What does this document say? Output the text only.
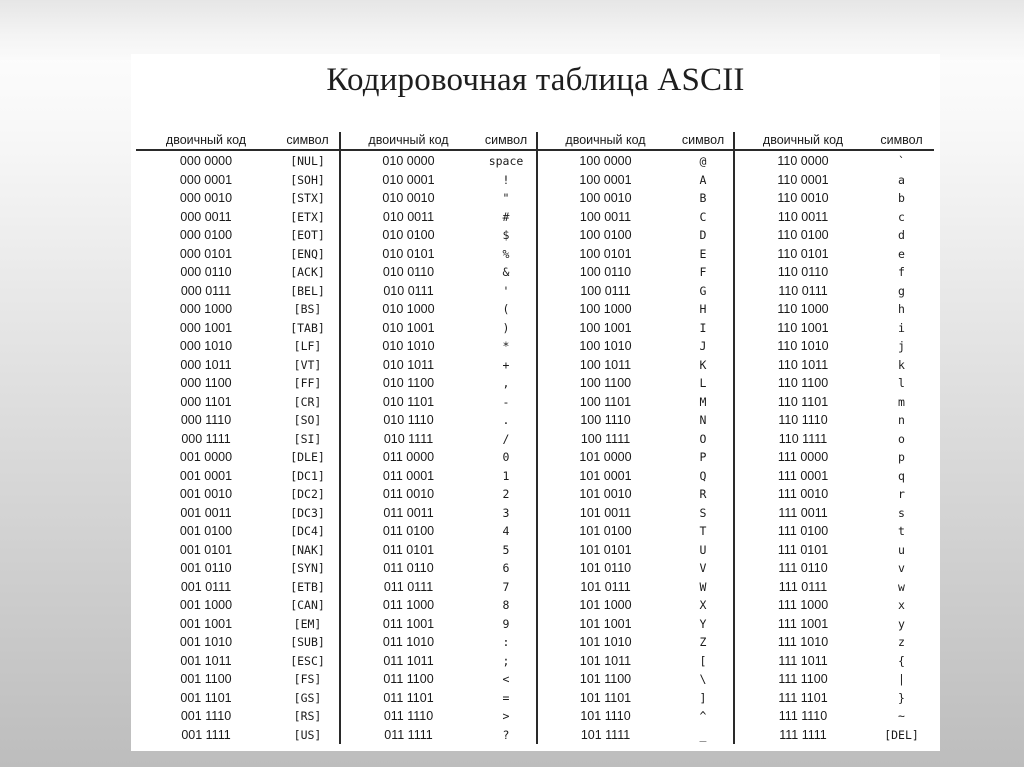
Кодировочная таблица ASCII
двоичный код	символ
000 0000	[NUL]
000 0001	[SOH]
000 0010	[STX]
000 0011	[ETX]
000 0100	[EOT]
000 0101	[ENQ]
000 0110	[ACK]
000 0111	[BEL]
000 1000	[BS]
000 1001	[TAB]
000 1010	[LF]
000 1011	[VT]
000 1100	[FF]
000 1101	[CR]
000 1110	[SO]
000 1111	[SI]
001 0000	[DLE]
001 0001	[DC1]
001 0010	[DC2]
001 0011	[DC3]
001 0100	[DC4]
001 0101	[NAK]
001 0110	[SYN]
001 0111	[ETB]
001 1000	[CAN]
001 1001	[EM]
001 1010	[SUB]
001 1011	[ESC]
001 1100	[FS]
001 1101	[GS]
001 1110	[RS]
001 1111	[US]
двоичный код	символ
010 0000	space
010 0001	!
010 0010	"
010 0011	#
010 0100	$
010 0101	%
010 0110	&
010 0111	'
010 1000	(
010 1001	)
010 1010	*
010 1011	+
010 1100	,
010 1101	-
010 1110	.
010 1111	/
011 0000	0
011 0001	1
011 0010	2
011 0011	3
011 0100	4
011 0101	5
011 0110	6
011 0111	7
011 1000	8
011 1001	9
011 1010	:
011 1011	;
011 1100	<
011 1101	=
011 1110	>
011 1111	?
двоичный код	символ
100 0000	@
100 0001	A
100 0010	B
100 0011	C
100 0100	D
100 0101	E
100 0110	F
100 0111	G
100 1000	H
100 1001	I
100 1010	J
100 1011	K
100 1100	L
100 1101	M
100 1110	N
100 1111	O
101 0000	P
101 0001	Q
101 0010	R
101 0011	S
101 0100	T
101 0101	U
101 0110	V
101 0111	W
101 1000	X
101 1001	Y
101 1010	Z
101 1011	[
101 1100	\
101 1101	]
101 1110	^
101 1111	_
двоичный код	символ
110 0000	`
110 0001	a
110 0010	b
110 0011	c
110 0100	d
110 0101	e
110 0110	f
110 0111	g
110 1000	h
110 1001	i
110 1010	j
110 1011	k
110 1100	l
110 1101	m
110 1110	n
110 1111	o
111 0000	p
111 0001	q
111 0010	r
111 0011	s
111 0100	t
111 0101	u
111 0110	v
111 0111	w
111 1000	x
111 1001	y
111 1010	z
111 1011	{
111 1100	|
111 1101	}
111 1110	~
111 1111	[DEL]
